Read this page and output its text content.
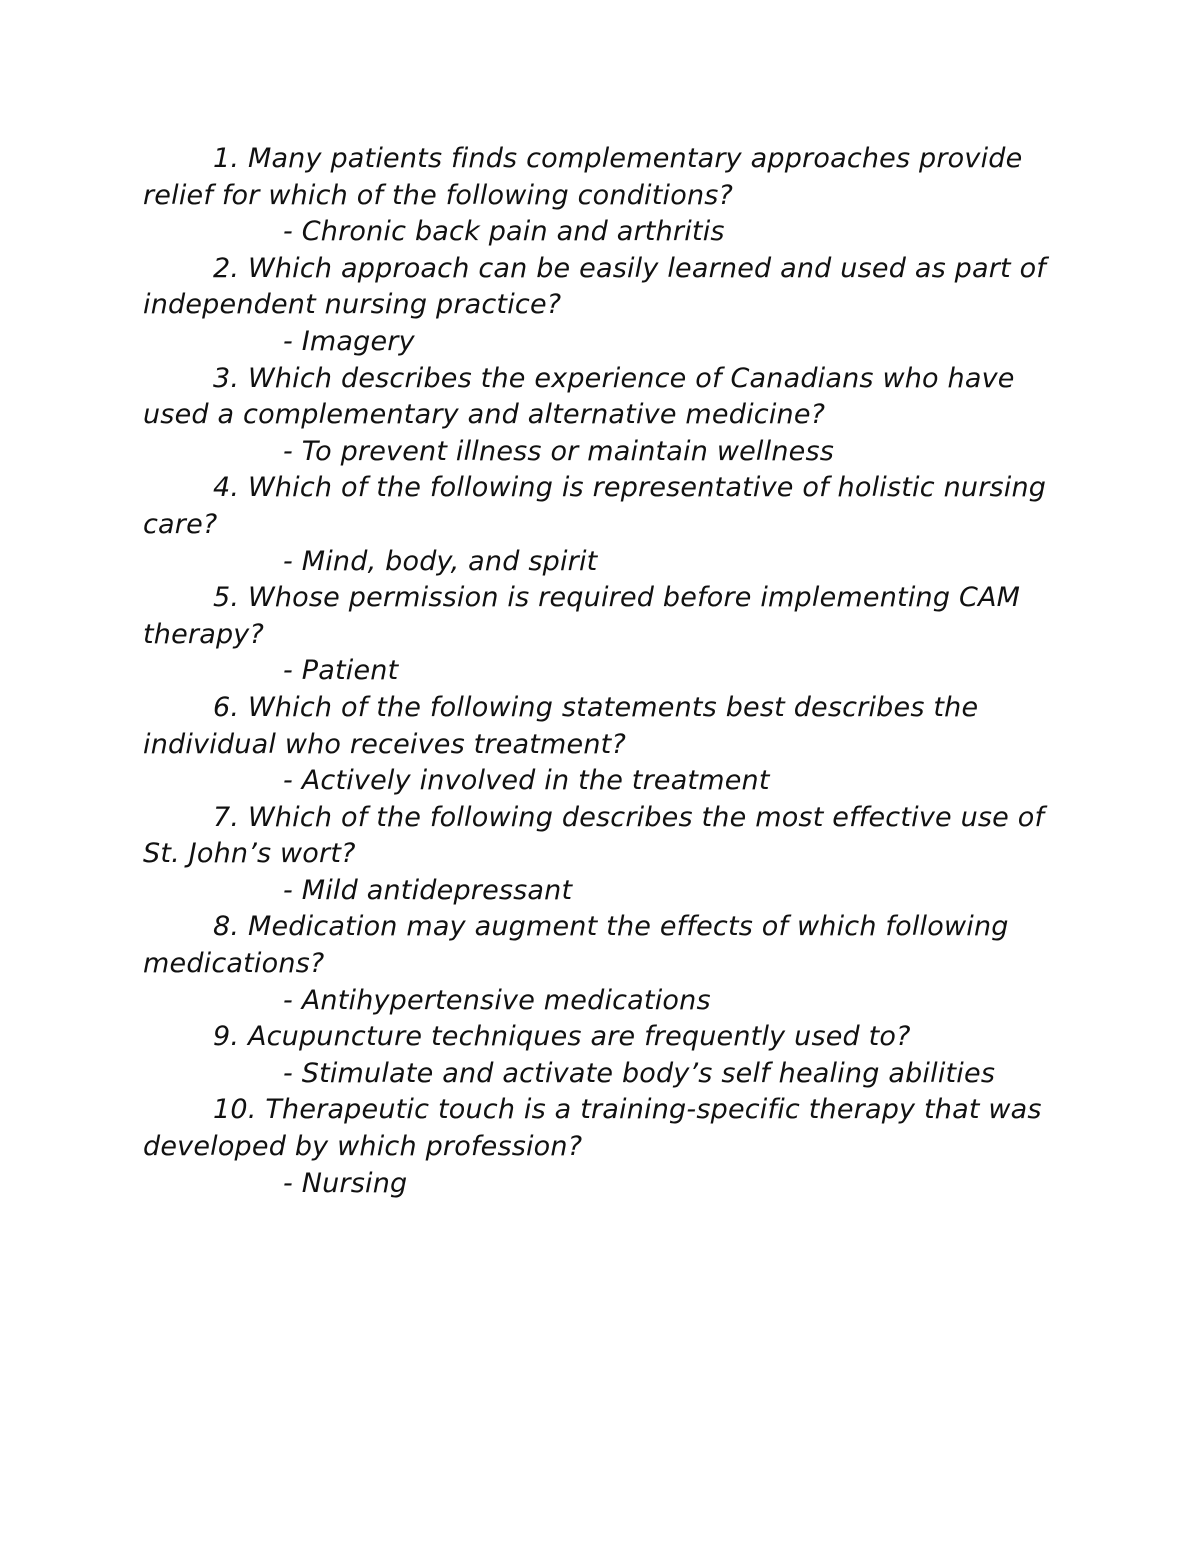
1. Many patients finds complementary approaches provide relief for which of the following conditions?

- Chronic back pain and arthritis

2. Which approach can be easily learned and used as part of independent nursing practice?

- Imagery

3. Which describes the experience of Canadians who have used a complementary and alternative medicine?

- To prevent illness or maintain wellness

4. Which of the following is representative of holistic nursing care?

- Mind, body, and spirit

5. Whose permission is required before implementing CAM therapy?

- Patient

6. Which of the following statements best describes the individual who receives treatment?

- Actively involved in the treatment

7. Which of the following describes the most effective use of St. John’s wort?

- Mild antidepressant

8. Medication may augment the effects of which following medications?

- Antihypertensive medications

9. Acupuncture techniques are frequently used to?

- Stimulate and activate body’s self healing abilities

10. Therapeutic touch is a training-specific therapy that was developed by which profession?

- Nursing
